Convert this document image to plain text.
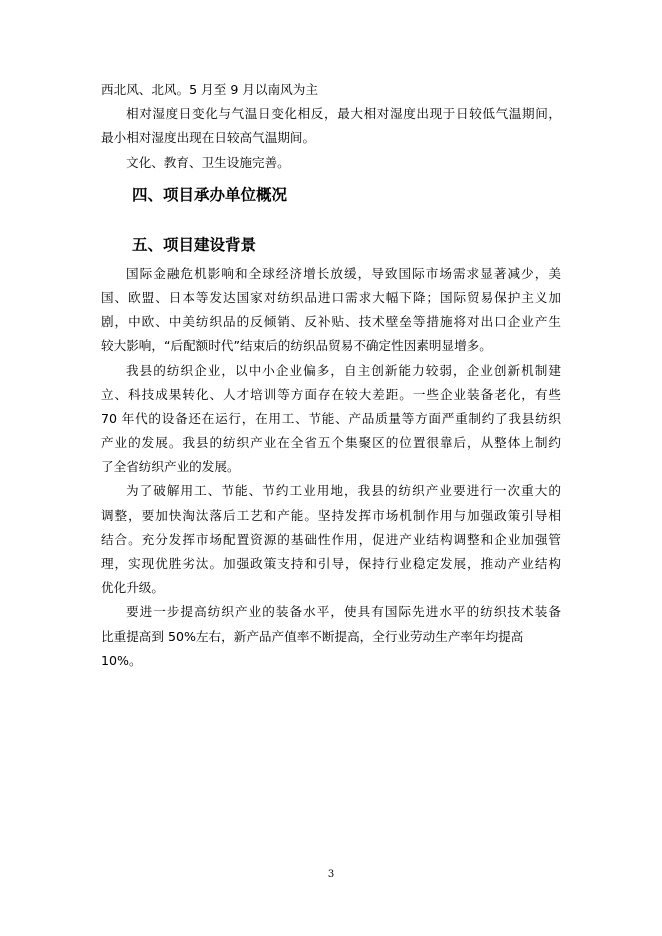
西北风、北风。5 月至 9 月以南风为主
相对湿度日变化与气温日变化相反，最大相对湿度出现于日较低气温期间，
最小相对湿度出现在日较高气温期间。
文化、教育、卫生设施完善。
四、项目承办单位概况
五、项目建设背景
国际金融危机影响和全球经济增长放缓，导致国际市场需求显著减少，美
国、欧盟、日本等发达国家对纺织品进口需求大幅下降；国际贸易保护主义加
剧，中欧、中美纺织品的反倾销、反补贴、技术壁垒等措施将对出口企业产生
较大影响，“后配额时代”结束后的纺织品贸易不确定性因素明显增多。
我县的纺织企业，以中小企业偏多，自主创新能力较弱，企业创新机制建
立、科技成果转化、人才培训等方面存在较大差距。一些企业装备老化，有些
70 年代的设备还在运行，在用工、节能、产品质量等方面严重制约了我县纺织
产业的发展。我县的纺织产业在全省五个集聚区的位置很靠后，从整体上制约
了全省纺织产业的发展。
为了破解用工、节能、节约工业用地，我县的纺织产业要进行一次重大的
调整，要加快淘汰落后工艺和产能。坚持发挥市场机制作用与加强政策引导相
结合。充分发挥市场配置资源的基础性作用，促进产业结构调整和企业加强管
理，实现优胜劣汰。加强政策支持和引导，保持行业稳定发展，推动产业结构
优化升级。
要进一步提高纺织产业的装备水平，使具有国际先进水平的纺织技术装备
比重提高到 50%左右，新产品产值率不断提高，全行业劳动生产率年均提高
10%。
3
